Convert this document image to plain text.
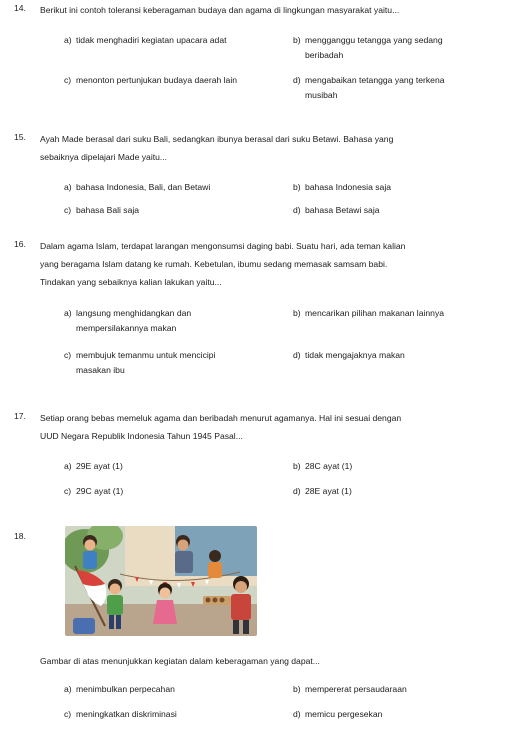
14. Berikut ini contoh toleransi keberagaman budaya dan agama di lingkungan masyarakat yaitu...
a) tidak menghadiri kegiatan upacara adat	b) mengganggu tetangga yang sedang
beribadah
c) menonton pertunjukan budaya daerah lain	d) mengabaikan tetangga yang terkena
musibah
15. Ayah Made berasal dari suku Bali, sedangkan ibunya berasal dari suku Betawi. Bahasa yang
sebaiknya dipelajari Made yaitu...
a) bahasa Indonesia, Bali, dan Betawi	b) bahasa Indonesia saja
c) bahasa Bali saja	d) bahasa Betawi saja
16. Dalam agama Islam, terdapat larangan mengonsumsi daging babi. Suatu hari, ada teman kalian
yang beragama Islam datang ke rumah. Kebetulan, ibumu sedang memasak samsam babi.
Tindakan yang sebaiknya kalian lakukan yaitu...
a) langsung menghidangkan dan
mempersilakannya makan
b) mencarikan pilihan makanan lainnya
c) membujuk temanmu untuk mencicipi
masakan ibu
d) tidak mengajaknya makan
17. Setiap orang bebas memeluk agama dan beribadah menurut agamanya. Hal ini sesuai dengan
UUD Negara Republik Indonesia Tahun 1945 Pasal...
a) 29E ayat (1)	b) 28C ayat (1)
c) 29C ayat (1)	d) 28E ayat (1)
18.
Gambar di atas menunjukkan kegiatan dalam keberagaman yang dapat...
a) menimbulkan perpecahan	b) mempererat persaudaraan
c) meningkatkan diskriminasi	d) memicu pergesekan
